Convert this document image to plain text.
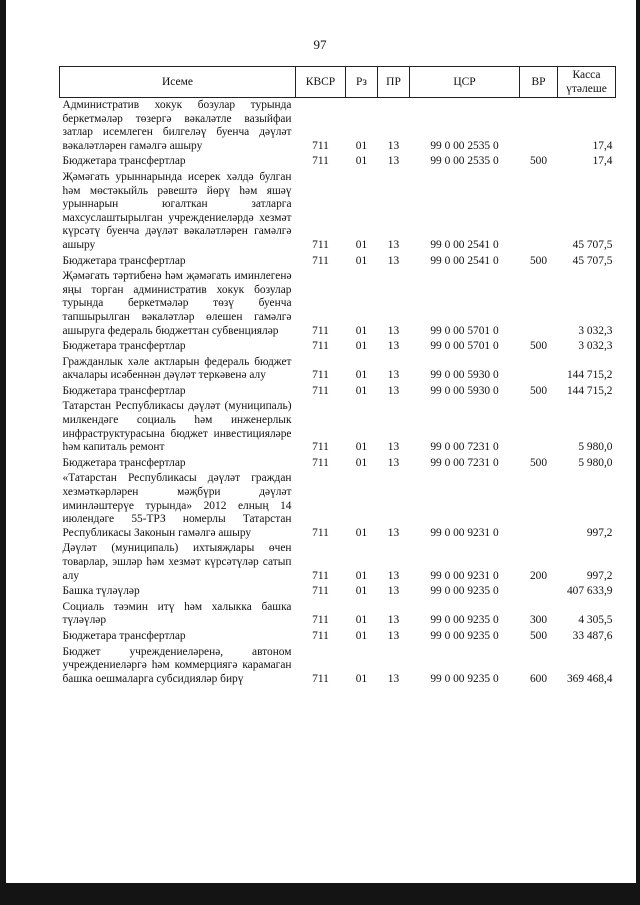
97
Исеме	КВСР	Рз	ПР	ЦСР	ВР	Касса
үтәлеше

Административ хокук бозулар турында беркетмәләр төзергә вәкаләтле вазыйфаи затлар исемлеген билгеләү буенча дәүләт вәкаләтләрен гамәлгә ашыру	711	01	13	99 0 00 2535 0		17,4
Бюджетара трансфертлар	711	01	13	99 0 00 2535 0	500	17,4
Җәмәгать урыннарында исерек хәлдә булган һәм мөстәкыйль рәвештә йөрү һәм яшәү урыннарын югалткан затларга махсуслаштырылган учреждениеләрдә хезмәт күрсәтү буенча дәүләт вәкаләтләрен гамәлгә ашыру	711	01	13	99 0 00 2541 0		45 707,5
Бюджетара трансфертлар	711	01	13	99 0 00 2541 0	500	45 707,5
Җәмәгать тәртибенә һәм җәмәгать иминлегенә яңы торган административ хокук бозулар турында беркетмәләр төзү буенча тапшырылган вәкаләтләр өлешен гамәлгә ашыруга федераль бюджеттан субвенцияләр	711	01	13	99 0 00 5701 0		3 032,3
Бюджетара трансфертлар	711	01	13	99 0 00 5701 0	500	3 032,3
Гражданлык хәле актларын федераль бюджет акчалары исәбеннән дәүләт теркәвенә алу	711	01	13	99 0 00 5930 0		144 715,2
Бюджетара трансфертлар	711	01	13	99 0 00 5930 0	500	144 715,2
Татарстан Республикасы дәүләт (муниципаль) милкендәге социаль һәм инженерлык инфраструктурасына бюджет инвестицияләре һәм капиталь ремонт	711	01	13	99 0 00 7231 0		5 980,0
Бюджетара трансфертлар	711	01	13	99 0 00 7231 0	500	5 980,0
«Татарстан Республикасы дәүләт граждан хезмәткәрләрен мәҗбүри дәүләт иминләштерүе турында» 2012 елның 14 июлендәге 55-ТРЗ номерлы Татарстан Республикасы Законын гамәлгә ашыру	711	01	13	99 0 00 9231 0		997,2
Дәүләт (муниципаль) ихтыяҗлары өчен товарлар, эшләр һәм хезмәт күрсәтүләр сатып алу	711	01	13	99 0 00 9231 0	200	997,2
Башка түләүләр	711	01	13	99 0 00 9235 0		407 633,9
Социаль тәэмин итү һәм халыкка башка түләүләр	711	01	13	99 0 00 9235 0	300	4 305,5
Бюджетара трансфертлар	711	01	13	99 0 00 9235 0	500	33 487,6
Бюджет учреждениеләренә, автоном учреждениеләргә һәм коммерциягә карамаган башка оешмаларга субсидияләр бирү	711	01	13	99 0 00 9235 0	600	369 468,4
